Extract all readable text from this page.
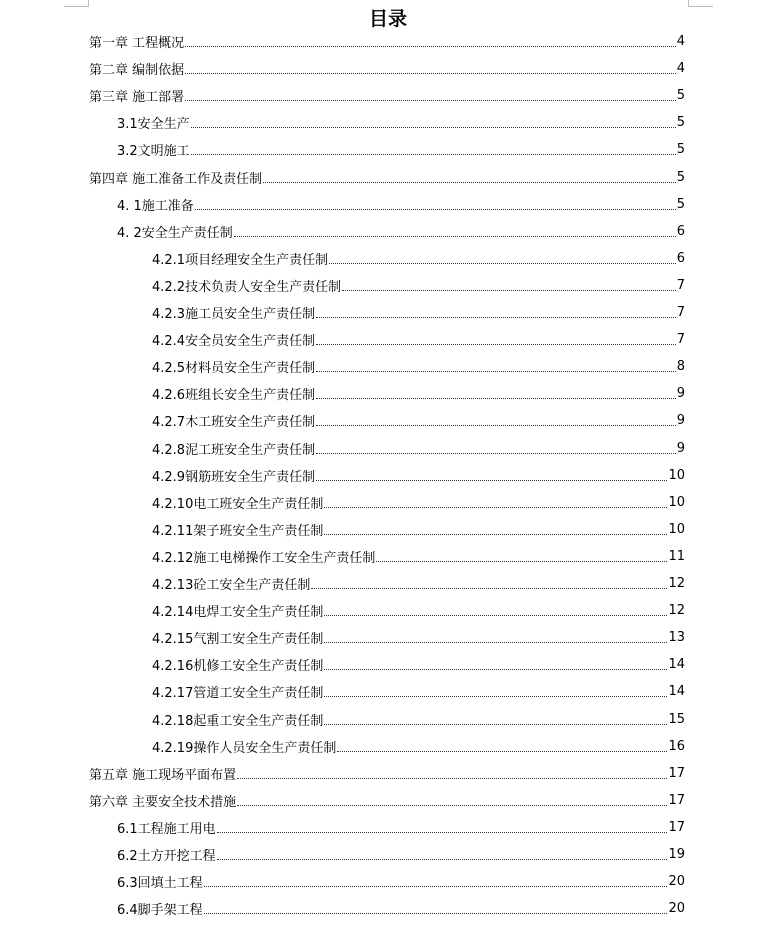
目录
第一章 工程概况	4
第二章 编制依据	4
第三章 施工部署	5
3.1安全生产	5
3.2文明施工	5
第四章 施工准备工作及责任制	5
4. 1施工准备	5
4. 2安全生产责任制	6
4.2.1项目经理安全生产责任制	6
4.2.2技术负责人安全生产责任制	7
4.2.3施工员安全生产责任制	7
4.2.4安全员安全生产责任制	7
4.2.5材料员安全生产责任制	8
4.2.6班组长安全生产责任制	9
4.2.7木工班安全生产责任制	9
4.2.8泥工班安全生产责任制	9
4.2.9钢筋班安全生产责任制	10
4.2.10电工班安全生产责任制	10
4.2.11架子班安全生产责任制	10
4.2.12施工电梯操作工安全生产责任制	11
4.2.13砼工安全生产责任制	12
4.2.14电焊工安全生产责任制	12
4.2.15气割工安全生产责任制	13
4.2.16机修工安全生产责任制	14
4.2.17管道工安全生产责任制	14
4.2.18起重工安全生产责任制	15
4.2.19操作人员安全生产责任制	16
第五章 施工现场平面布置	17
第六章 主要安全技术措施	17
6.1工程施工用电	17
6.2土方开挖工程	19
6.3回填土工程	20
6.4脚手架工程	20
